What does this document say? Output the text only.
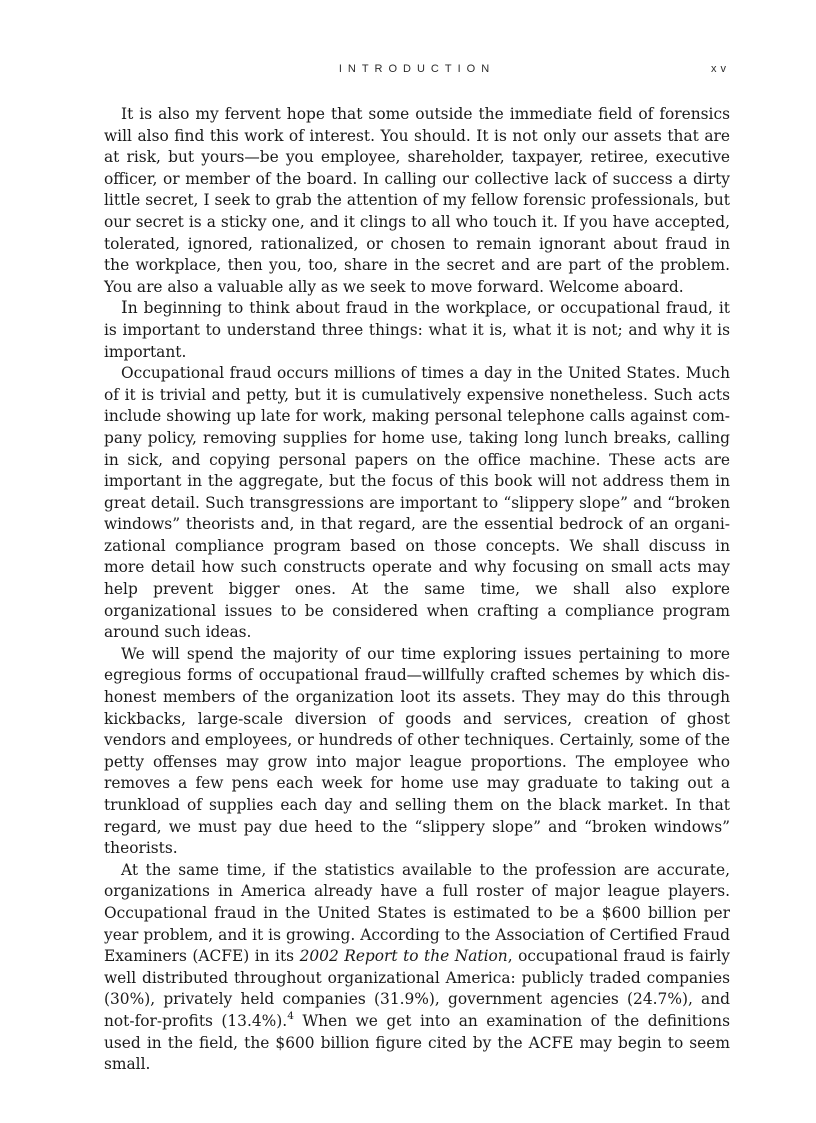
INTRODUCTION	xv

It is also my fervent hope that some outside the immediate field of forensics will also find this work of interest. You should. It is not only our assets that are at risk, but yours—be you employee, shareholder, taxpayer, retiree, executive officer, or member of the board. In calling our collective lack of success a dirty little secret, I seek to grab the attention of my fellow forensic professionals, but our secret is a sticky one, and it clings to all who touch it. If you have accepted, tolerated, ignored, rationalized, or chosen to remain ignorant about fraud in the workplace, then you, too, share in the secret and are part of the problem. You are also a valuable ally as we seek to move forward. Welcome aboard.

In beginning to think about fraud in the workplace, or occupational fraud, it is important to understand three things: what it is, what it is not; and why it is important.

Occupational fraud occurs millions of times a day in the United States. Much of it is trivial and petty, but it is cumulatively expensive nonetheless. Such acts include showing up late for work, making personal telephone calls against company policy, removing supplies for home use, taking long lunch breaks, calling in sick, and copying personal papers on the office machine. These acts are important in the aggregate, but the focus of this book will not address them in great detail. Such transgressions are important to “slippery slope” and “broken windows” theorists and, in that regard, are the essential bedrock of an organizational compliance program based on those concepts. We shall discuss in more detail how such constructs operate and why focusing on small acts may help prevent bigger ones. At the same time, we shall also explore organizational issues to be considered when crafting a compliance program around such ideas.

We will spend the majority of our time exploring issues pertaining to more egregious forms of occupational fraud—willfully crafted schemes by which dishonest members of the organization loot its assets. They may do this through kickbacks, large-scale diversion of goods and services, creation of ghost vendors and employees, or hundreds of other techniques. Certainly, some of the petty offenses may grow into major league proportions. The employee who removes a few pens each week for home use may graduate to taking out a trunkload of supplies each day and selling them on the black market. In that regard, we must pay due heed to the “slippery slope” and “broken windows” theorists.

At the same time, if the statistics available to the profession are accurate, organizations in America already have a full roster of major league players. Occupational fraud in the United States is estimated to be a $600 billion per year problem, and it is growing. According to the Association of Certified Fraud Examiners (ACFE) in its 2002 Report to the Nation, occupational fraud is fairly well distributed throughout organizational America: publicly traded companies (30%), privately held companies (31.9%), government agencies (24.7%), and not-for-profits (13.4%).$^4$ When we get into an examination of the definitions used in the field, the $600 billion figure cited by the ACFE may begin to seem small.
